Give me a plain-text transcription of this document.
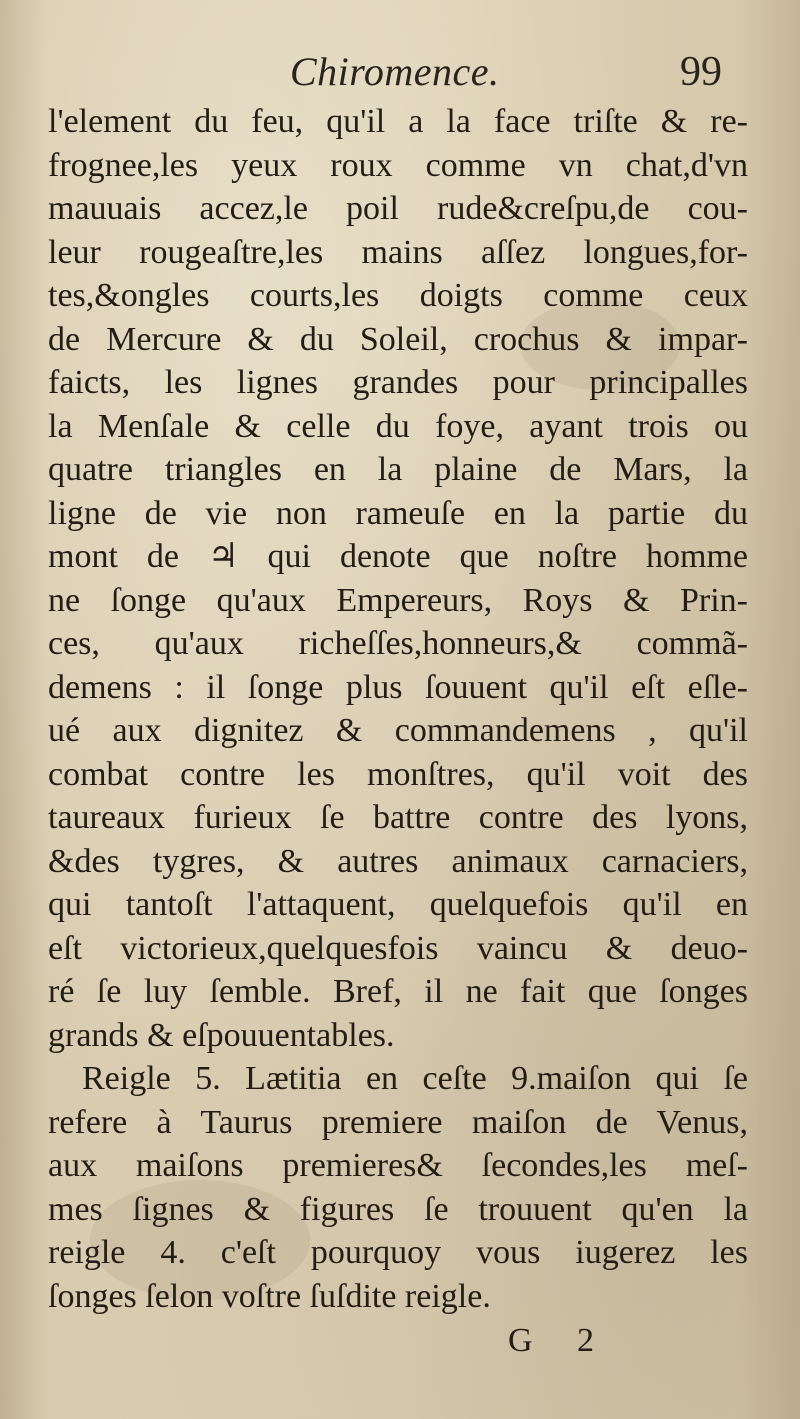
Chiromence.	99
l'element du feu, qu'il a la face triſte & re-
frognee,les yeux roux comme vn chat,d'vn
mauuais accez,le poil rude&creſpu,de cou-
leur rougeaſtre,les mains aſſez longues,for-
tes,&ongles courts,les doigts comme ceux
de Mercure & du Soleil, crochus & impar-
faicts, les lignes grandes pour principalles
la Menſale & celle du foye, ayant trois ou
quatre triangles en la plaine de Mars, la
ligne de vie non rameuſe en la partie du
mont de ♃ qui denote que noſtre homme
ne ſonge qu'aux Empereurs, Roys & Prin-
ces, qu'aux richeſſes,honneurs,& commã-
demens : il ſonge plus ſouuent qu'il eſt eſle-
ué aux dignitez & commandemens , qu'il
combat contre les monſtres, qu'il voit des
taureaux furieux ſe battre contre des lyons,
&des tygres, & autres animaux carnaciers,
qui tantoſt l'attaquent, quelquefois qu'il en
eſt victorieux,quelquesfois vaincu & deuo-
ré ſe luy ſemble. Bref, il ne fait que ſonges
grands & eſpouuentables.
Reigle 5. Lætitia en ceſte 9.maiſon qui ſe
refere à Taurus premiere maiſon de Venus,
aux maiſons premieres& ſecondes,les meſ-
mes ſignes & figures ſe trouuent qu'en la
reigle 4. c'eſt pourquoy vous iugerez les
ſonges ſelon voſtre ſuſdite reigle.
G 2
